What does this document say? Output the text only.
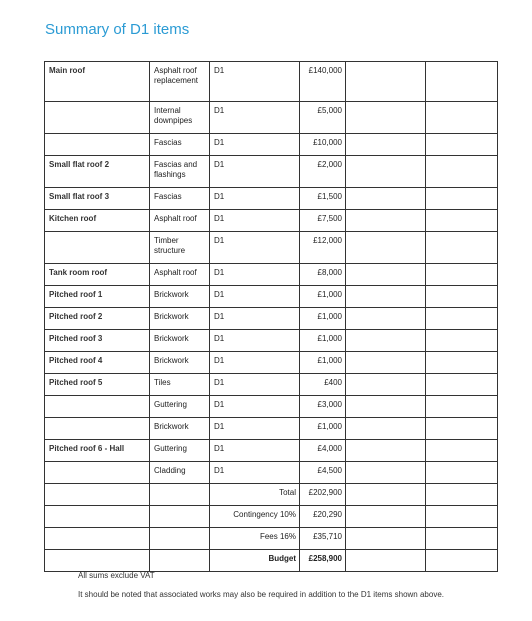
Summary of D1 items
Main roof	Asphalt roof replacement	D1	£140,000		
	Internal downpipes	D1	£5,000		
	Fascias	D1	£10,000		
Small flat roof 2	Fascias and flashings	D1	£2,000		
Small flat roof 3	Fascias	D1	£1,500		
Kitchen roof	Asphalt roof	D1	£7,500		
	Timber structure	D1	£12,000		
Tank room roof	Asphalt roof	D1	£8,000		
Pitched roof 1	Brickwork	D1	£1,000		
Pitched roof 2	Brickwork	D1	£1,000		
Pitched roof 3	Brickwork	D1	£1,000		
Pitched roof 4	Brickwork	D1	£1,000		
Pitched roof 5	Tiles	D1	£400		
	Guttering	D1	£3,000		
	Brickwork	D1	£1,000		
Pitched roof 6 - Hall	Guttering	D1	£4,000		
	Cladding	D1	£4,500		
		Total	£202,900		
		Contingency 10%	£20,290		
		Fees 16%	£35,710		
		Budget	£258,900		
All sums exclude VAT
It should be noted that associated works may also be required in addition to the D1 items shown above.
